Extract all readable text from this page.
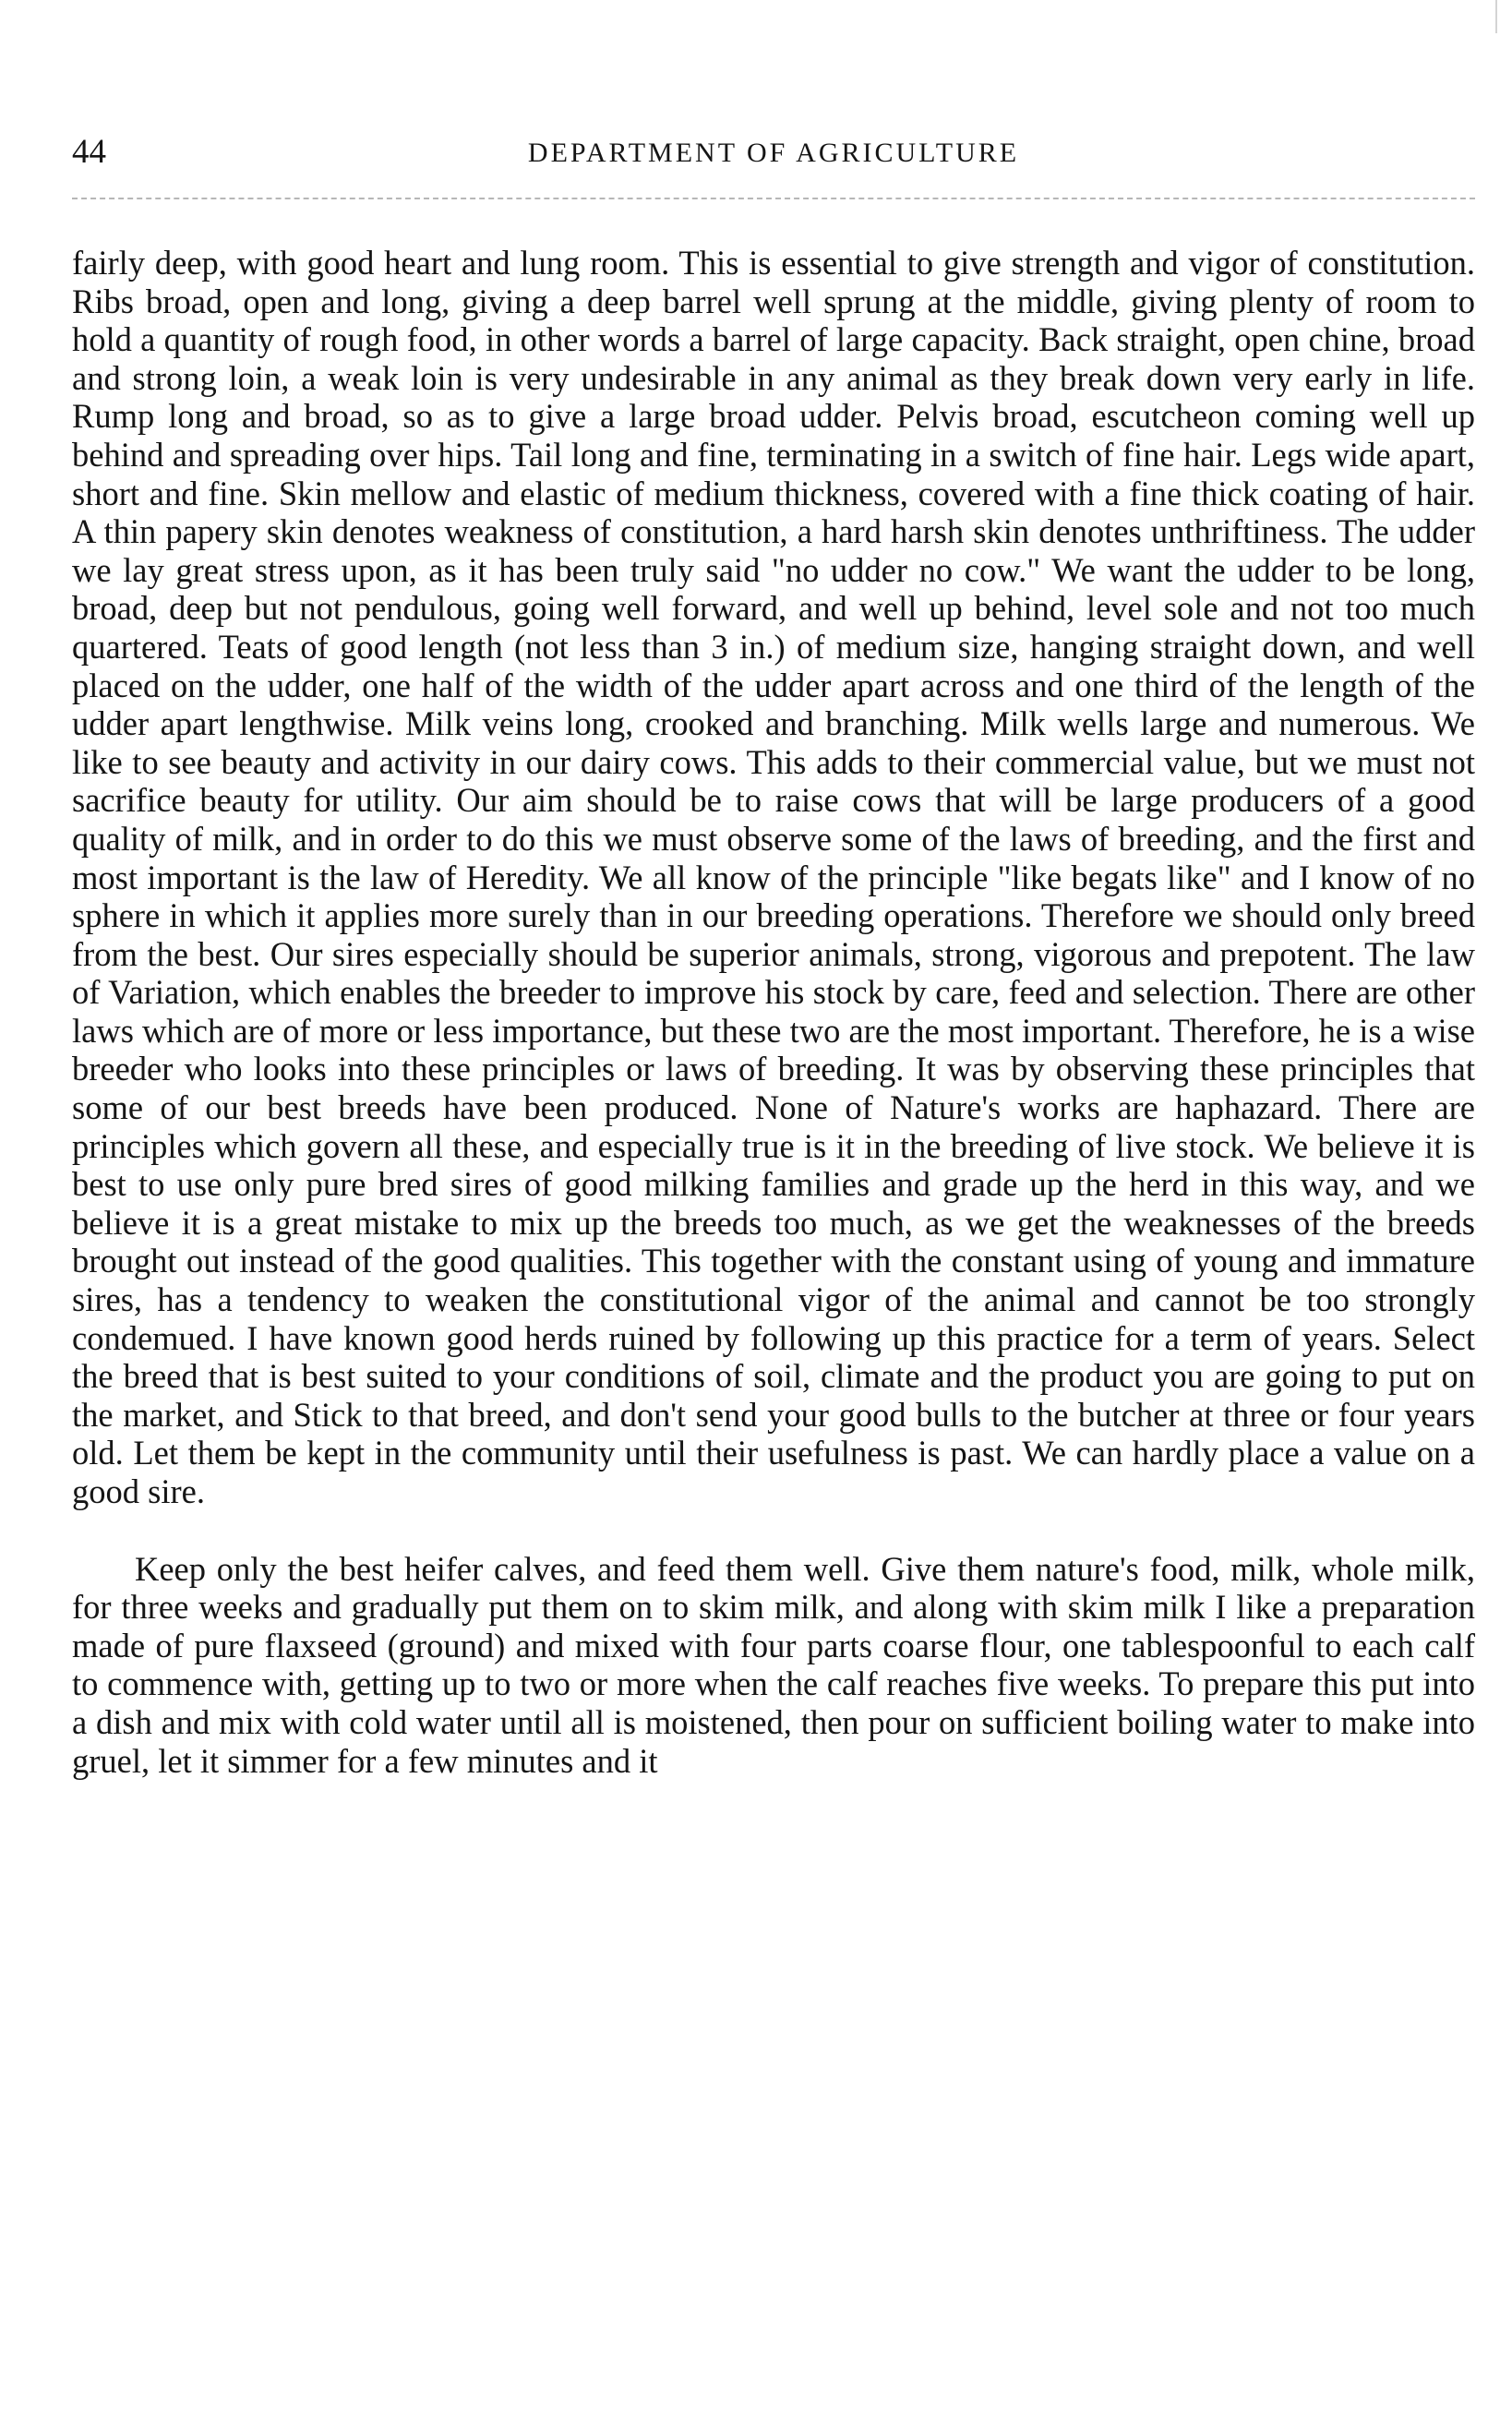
44	DEPARTMENT OF AGRICULTURE

fairly deep, with good heart and lung room. This is essential to give strength and vigor of constitution. Ribs broad, open and long, giving a deep barrel well sprung at the middle, giving plenty of room to hold a quantity of rough food, in other words a barrel of large capacity. Back straight, open chine, broad and strong loin, a weak loin is very undesirable in any animal as they break down very early in life. Rump long and broad, so as to give a large broad udder. Pelvis broad, escutcheon coming well up behind and spreading over hips. Tail long and fine, terminating in a switch of fine hair. Legs wide apart, short and fine. Skin mellow and elastic of medium thickness, covered with a fine thick coating of hair. A thin papery skin denotes weakness of constitution, a hard harsh skin denotes unthriftiness. The udder we lay great stress upon, as it has been truly said "no udder no cow." We want the udder to be long, broad, deep but not pendulous, going well forward, and well up behind, level sole and not too much quartered. Teats of good length (not less than 3 in.) of medium size, hanging straight down, and well placed on the udder, one half of the width of the udder apart across and one third of the length of the udder apart lengthwise. Milk veins long, crooked and branching. Milk wells large and numerous. We like to see beauty and activity in our dairy cows. This adds to their commercial value, but we must not sacrifice beauty for utility. Our aim should be to raise cows that will be large producers of a good quality of milk, and in order to do this we must observe some of the laws of breeding, and the first and most important is the law of Heredity. We all know of the principle "like begats like" and I know of no sphere in which it applies more surely than in our breeding operations. Therefore we should only breed from the best. Our sires especially should be superior animals, strong, vigorous and prepotent. The law of Variation, which enables the breeder to improve his stock by care, feed and selection. There are other laws which are of more or less importance, but these two are the most important. Therefore, he is a wise breeder who looks into these principles or laws of breeding. It was by observing these principles that some of our best breeds have been produced. None of Nature's works are haphazard. There are principles which govern all these, and especially true is it in the breeding of live stock. We believe it is best to use only pure bred sires of good milking families and grade up the herd in this way, and we believe it is a great mistake to mix up the breeds too much, as we get the weaknesses of the breeds brought out instead of the good qualities. This together with the constant using of young and immature sires, has a tendency to weaken the constitutional vigor of the animal and cannot be too strongly condemued. I have known good herds ruined by following up this practice for a term of years. Select the breed that is best suited to your conditions of soil, climate and the product you are going to put on the market, and Stick to that breed, and don't send your good bulls to the butcher at three or four years old. Let them be kept in the community until their usefulness is past. We can hardly place a value on a good sire.

Keep only the best heifer calves, and feed them well. Give them nature's food, milk, whole milk, for three weeks and gradually put them on to skim milk, and along with skim milk I like a preparation made of pure flaxseed (ground) and mixed with four parts coarse flour, one tablespoonful to each calf to commence with, getting up to two or more when the calf reaches five weeks. To prepare this put into a dish and mix with cold water until all is moistened, then pour on sufficient boiling water to make into gruel, let it simmer for a few minutes and it
